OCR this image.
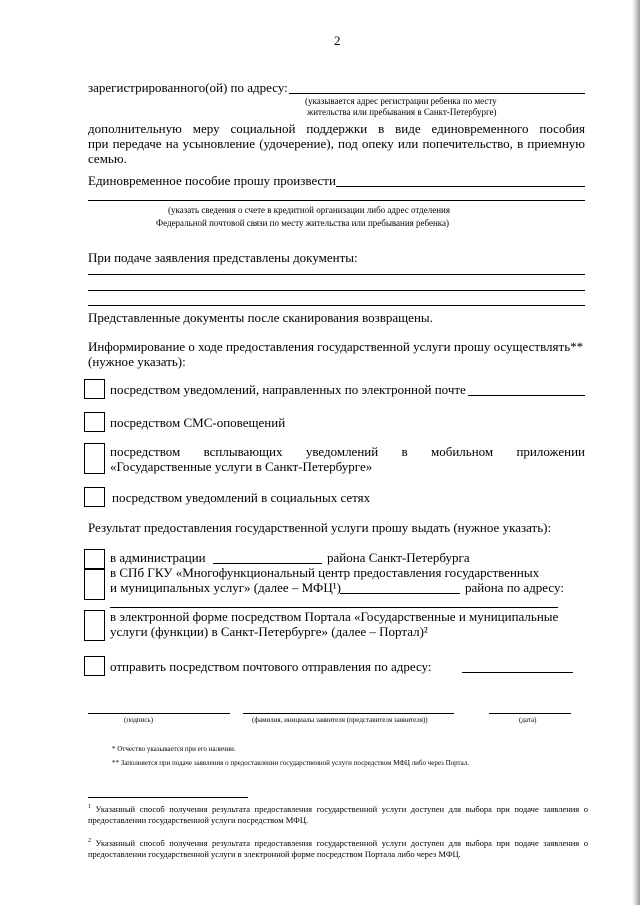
2
зарегистрированного(ой) по адресу:
(указывается адрес регистрации ребенка по месту
жительства или пребывания в Санкт-Петербурге)
дополнительную меру социальной поддержки в виде единовременного пособия
при передаче на усыновление (удочерение), под опеку или попечительство, в приемную
семью.
Единовременное пособие прошу произвести
(указать сведения о счете в кредитной организации либо адрес отделения
Федеральной почтовой связи по месту жительства или пребывания ребенка)
При подаче заявления представлены документы:
Представленные документы после сканирования возвращены.
Информирование о ходе предоставления государственной услуги прошу осуществлять**
(нужное указать):
посредством уведомлений, направленных по электронной почте
посредством СМС-оповещений
посредством всплывающих уведомлений в мобильном приложении
«Государственные услуги в Санкт-Петербурге»
посредством уведомлений в социальных сетях
Результат предоставления государственной услуги прошу выдать (нужное указать):
в администрации	района Санкт-Петербурга
в СПб ГКУ «Многофункциональный центр предоставления государственных
и муниципальных услуг» (далее – МФЦ¹)	района по адресу:
в электронной форме посредством Портала «Государственные и муниципальные
услуги (функции) в Санкт-Петербурге» (далее – Портал)²
отправить посредством почтового отправления по адресу:
(подпись)	(фамилия, инициалы заявителя (представителя заявителя))	(дата)
* Отчество указывается при его наличии.
** Заполняется при подаче заявления о предоставлении государственной услуги посредством МФЦ либо через Портал.
$^1$ Указанный способ получения результата предоставления государственной услуги доступен для выбора при подаче заявления о предоставлении государственной услуги посредством МФЦ.
$^2$ Указанный способ получения результата предоставления государственной услуги доступен для выбора при подаче заявления о предоставлении государственной услуги в электронной форме посредством Портала либо через МФЦ.
